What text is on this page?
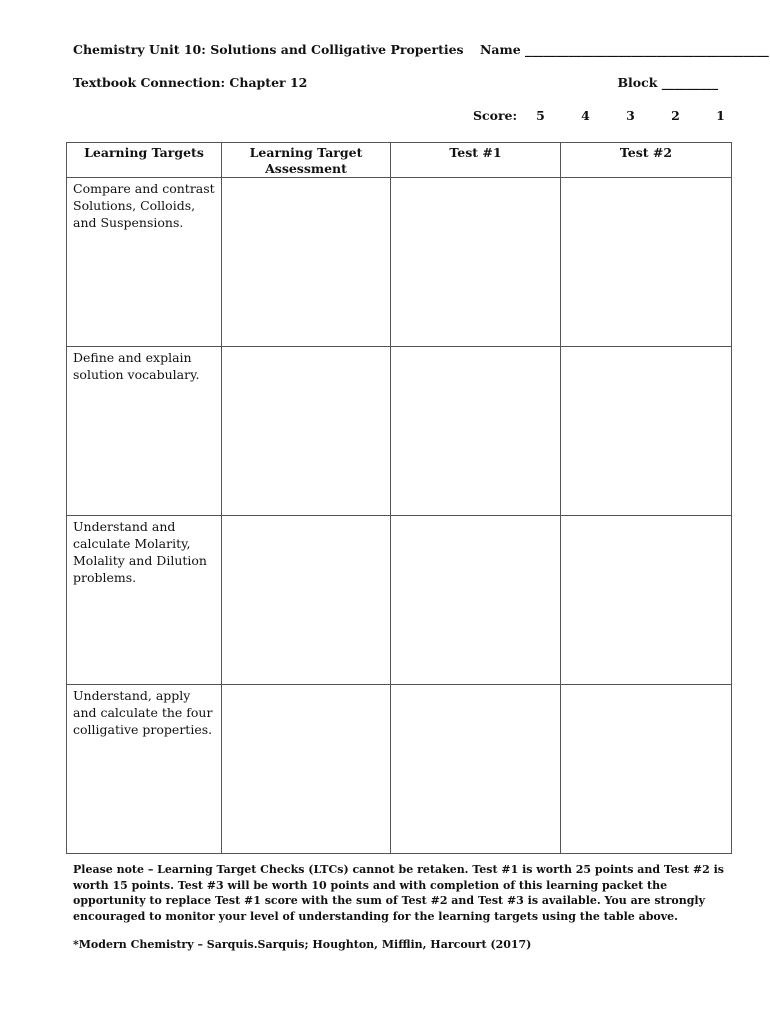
Chemistry Unit 10: Solutions and Colligative Properties Name _______________________________________
Textbook Connection: Chapter 12	Block _________
Score: 5	4	3	2	1
Learning Targets	Learning Target Assessment	Test #1	Test #2
Compare and contrast Solutions, Colloids, and Suspensions.			
Define and explain solution vocabulary.			
Understand and calculate Molarity, Molality and Dilution problems.			
Understand, apply and calculate the four colligative properties.			
Please note – Learning Target Checks (LTCs) cannot be retaken. Test #1 is worth 25 points and Test #2 is worth 15 points. Test #3 will be worth 10 points and with completion of this learning packet the opportunity to replace Test #1 score with the sum of Test #2 and Test #3 is available. You are strongly encouraged to monitor your level of understanding for the learning targets using the table above.
*Modern Chemistry – Sarquis.Sarquis; Houghton, Mifflin, Harcourt (2017)
